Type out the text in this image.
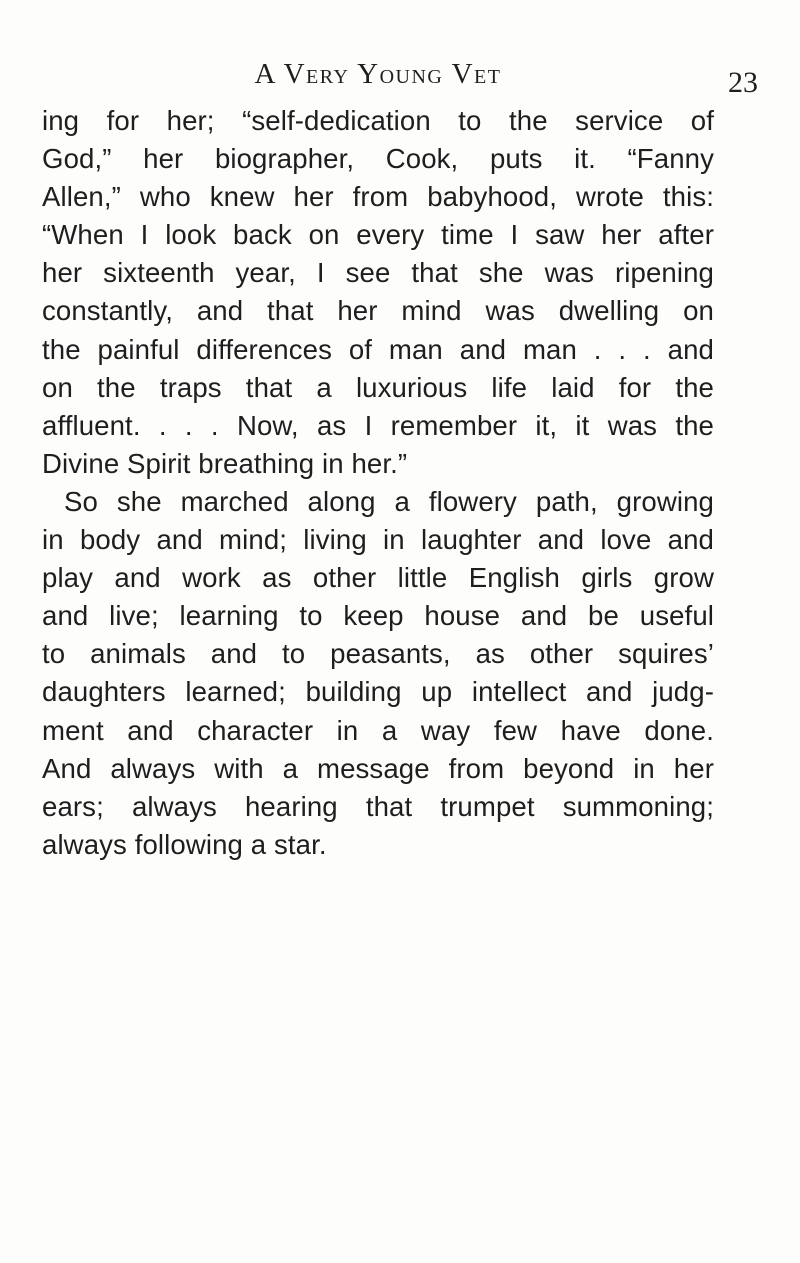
A Very Young Vet	23
ing for her; “self-dedication to the service of
God,” her biographer, Cook, puts it. “Fanny
Allen,” who knew her from babyhood, wrote this:
“When I look back on every time I saw her after
her sixteenth year, I see that she was ripening
constantly, and that her mind was dwelling on
the painful differences of man and man . . . and
on the traps that a luxurious life laid for the
affluent. . . . Now, as I remember it, it was the
Divine Spirit breathing in her.”
So she marched along a flowery path, growing
in body and mind; living in laughter and love and
play and work as other little English girls grow
and live; learning to keep house and be useful
to animals and to peasants, as other squires’
daughters learned; building up intellect and judg-
ment and character in a way few have done.
And always with a message from beyond in her
ears; always hearing that trumpet summoning;
always following a star.
